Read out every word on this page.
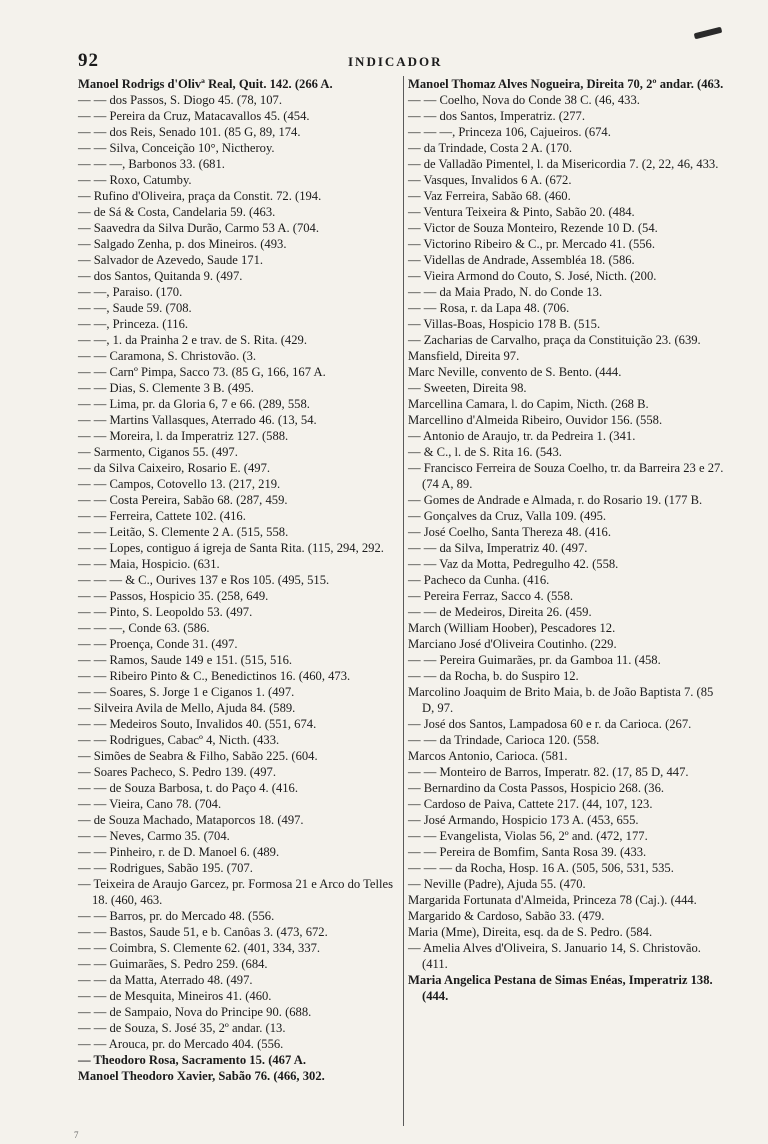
92	INDICADOR
Manoel Rodrigs d'Olivª Real, Quit. 142. (266 A.
— — dos Passos, S. Diogo 45. (78, 107.
— — Pereira da Cruz, Matacavallos 45. (454.
— — dos Reis, Senado 101. (85 G, 89, 174.
— — Silva, Conceição 10°, Nictheroy.
— — —, Barbonos 33. (681.
— — Roxo, Catumby.
— Rufino d'Oliveira, praça da Constit. 72. (194.
— de Sá & Costa, Candelaria 59. (463.
— Saavedra da Silva Durão, Carmo 53 A. (704.
— Salgado Zenha, p. dos Mineiros. (493.
— Salvador de Azevedo, Saude 171.
— dos Santos, Quitanda 9. (497.
— —, Paraiso. (170.
— —, Saude 59. (708.
— —, Princeza. (116.
— —, 1. da Prainha 2 e trav. de S. Rita. (429.
— — Caramona, S. Christovão. (3.
— — Carnº Pimpa, Sacco 73. (85 G, 166, 167 A.
— — Dias, S. Clemente 3 B. (495.
— — Lima, pr. da Gloria 6, 7 e 66. (289, 558.
— — Martins Vallasques, Aterrado 46. (13, 54.
— — Moreira, l. da Imperatriz 127. (588.
— Sarmento, Ciganos 55. (497.
— da Silva Caixeiro, Rosario E. (497.
— — Campos, Cotovello 13. (217, 219.
— — Costa Pereira, Sabão 68. (287, 459.
— — Ferreira, Cattete 102. (416.
— — Leitão, S. Clemente 2 A. (515, 558.
— — Lopes, contiguo á igreja de Santa Rita. (115, 294, 292.
— — Maia, Hospicio. (631.
— — — & C., Ourives 137 e Ros 105. (495, 515.
— — Passos, Hospicio 35. (258, 649.
— — Pinto, S. Leopoldo 53. (497.
— — —, Conde 63. (586.
— — Proença, Conde 31. (497.
— — Ramos, Saude 149 e 151. (515, 516.
— — Ribeiro Pinto & C., Benedictinos 16. (460, 473.
— — Soares, S. Jorge 1 e Ciganos 1. (497.
— Silveira Avila de Mello, Ajuda 84. (589.
— — Medeiros Souto, Invalidos 40. (551, 674.
— — Rodrigues, Cabacº 4, Nicth. (433.
— Simões de Seabra & Filho, Sabão 225. (604.
— Soares Pacheco, S. Pedro 139. (497.
— — de Souza Barbosa, t. do Paço 4. (416.
— — Vieira, Cano 78. (704.
— de Souza Machado, Mataporcos 18. (497.
— — Neves, Carmo 35. (704.
— — Pinheiro, r. de D. Manoel 6. (489.
— — Rodrigues, Sabão 195. (707.
— Teixeira de Araujo Garcez, pr. Formosa 21 e Arco do Telles 18. (460, 463.
— — Barros, pr. do Mercado 48. (556.
— — Bastos, Saude 51, e b. Canôas 3. (473, 672.
— — Coimbra, S. Clemente 62. (401, 334, 337.
— — Guimarães, S. Pedro 259. (684.
— — da Matta, Aterrado 48. (497.
— — de Mesquita, Mineiros 41. (460.
— — de Sampaio, Nova do Principe 90. (688.
— — de Souza, S. José 35, 2º andar. (13.
— — Arouca, pr. do Mercado 404. (556.
— Theodoro Rosa, Sacramento 15. (467 A.
Manoel Theodoro Xavier, Sabão 76. (466, 302.
Manoel Thomaz Alves Nogueira, Direita 70, 2º andar. (463.
— — Coelho, Nova do Conde 38 C. (46, 433.
— — dos Santos, Imperatriz. (277.
— — —, Princeza 106, Cajueiros. (674.
— da Trindade, Costa 2 A. (170.
— de Valladão Pimentel, l. da Misericordia 7. (2, 22, 46, 433.
— Vasques, Invalidos 6 A. (672.
— Vaz Ferreira, Sabão 68. (460.
— Ventura Teixeira & Pinto, Sabão 20. (484.
— Victor de Souza Monteiro, Rezende 10 D. (54.
— Victorino Ribeiro & C., pr. Mercado 41. (556.
— Videllas de Andrade, Assembléa 18. (586.
— Vieira Armond do Couto, S. José, Nicth. (200.
— — da Maia Prado, N. do Conde 13.
— — Rosa, r. da Lapa 48. (706.
— Villas-Boas, Hospicio 178 B. (515.
— Zacharias de Carvalho, praça da Constituição 23. (639.
Mansfield, Direita 97.
Marc Neville, convento de S. Bento. (444.
— Sweeten, Direita 98.
Marcellina Camara, l. do Capim, Nicth. (268 B.
Marcellino d'Almeida Ribeiro, Ouvidor 156. (558.
— Antonio de Araujo, tr. da Pedreira 1. (341.
— & C., l. de S. Rita 16. (543.
— Francisco Ferreira de Souza Coelho, tr. da Barreira 23 e 27. (74 A, 89.
— Gomes de Andrade e Almada, r. do Rosario 19. (177 B.
— Gonçalves da Cruz, Valla 109. (495.
— José Coelho, Santa Thereza 48. (416.
— — da Silva, Imperatriz 40. (497.
— — Vaz da Motta, Pedregulho 42. (558.
— Pacheco da Cunha. (416.
— Pereira Ferraz, Sacco 4. (558.
— — de Medeiros, Direita 26. (459.
March (William Hoober), Pescadores 12.
Marciano José d'Oliveira Coutinho. (229.
— — Pereira Guimarães, pr. da Gamboa 11. (458.
— — da Rocha, b. do Suspiro 12.
Marcolino Joaquim de Brito Maia, b. de João Baptista 7. (85 D, 97.
— José dos Santos, Lampadosa 60 e r. da Carioca. (267.
— — da Trindade, Carioca 120. (558.
Marcos Antonio, Carioca. (581.
— — Monteiro de Barros, Imperatr. 82. (17, 85 D, 447.
— Bernardino da Costa Passos, Hospicio 268. (36.
— Cardoso de Paiva, Cattete 217. (44, 107, 123.
— José Armando, Hospicio 173 A. (453, 655.
— — Evangelista, Violas 56, 2º and. (472, 177.
— — Pereira de Bomfim, Santa Rosa 39. (433.
— — — da Rocha, Hosp. 16 A. (505, 506, 531, 535.
— Neville (Padre), Ajuda 55. (470.
Margarida Fortunata d'Almeida, Princeza 78 (Caj.). (444.
Margarido & Cardoso, Sabão 33. (479.
Maria (Mme), Direita, esq. da de S. Pedro. (584.
— Amelia Alves d'Oliveira, S. Januario 14, S. Christovão. (411.
Maria Angelica Pestana de Simas Enéas, Imperatriz 138. (444.
7
